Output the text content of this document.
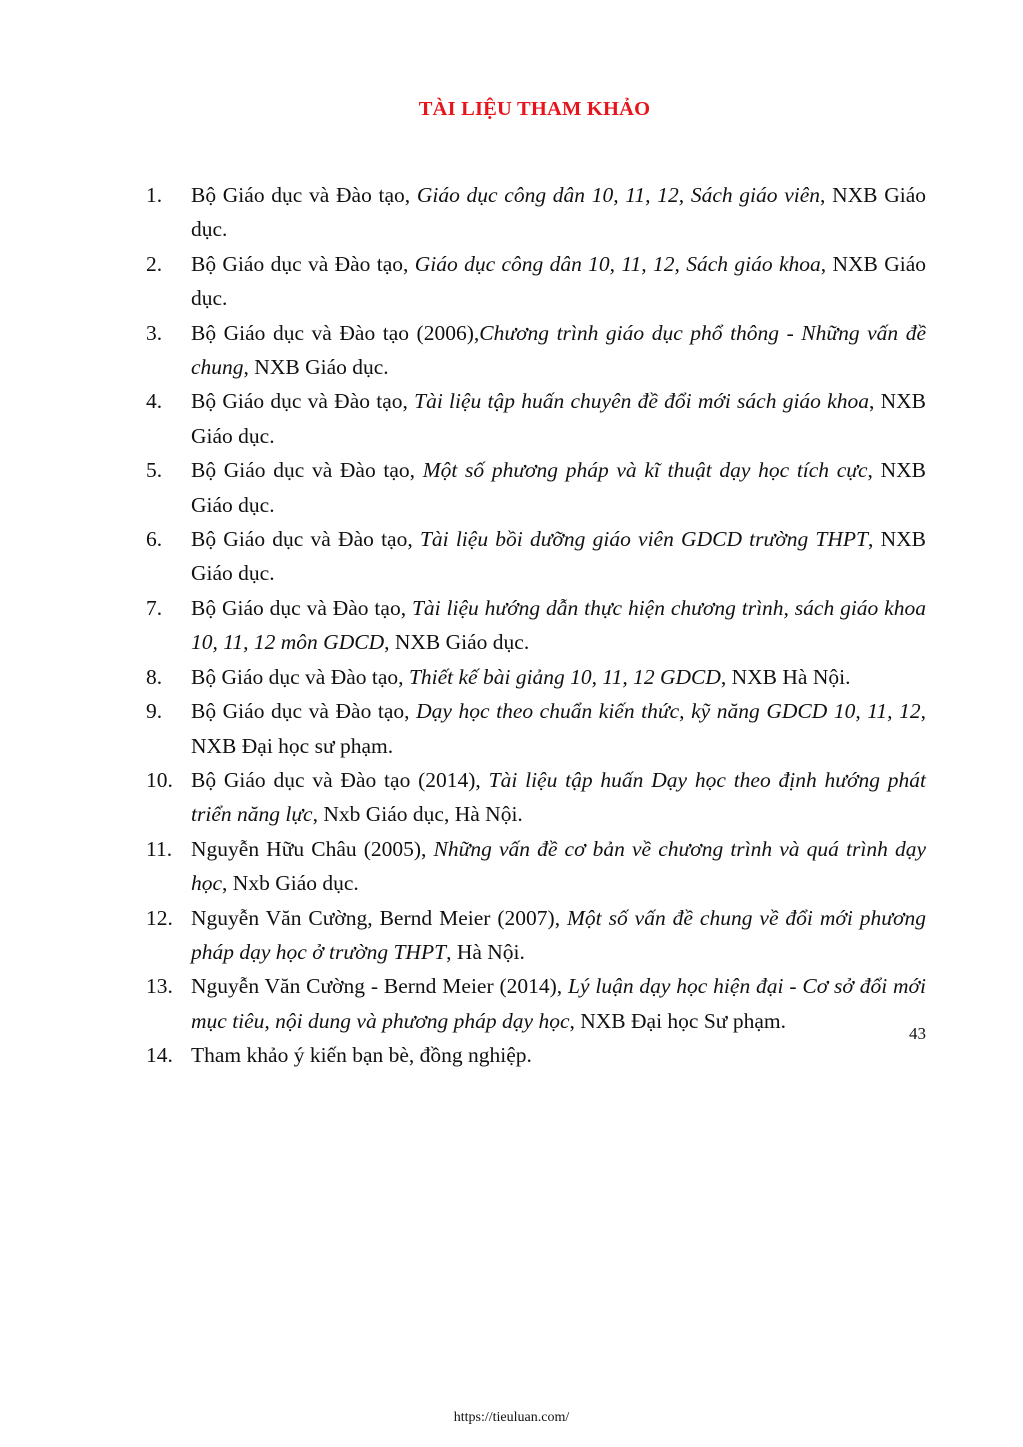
TÀI LIỆU THAM KHẢO
1. Bộ Giáo dục và Đào tạo, Giáo dục công dân 10, 11, 12, Sách giáo viên, NXB Giáo dục.
2. Bộ Giáo dục và Đào tạo, Giáo dục công dân 10, 11, 12, Sách giáo khoa, NXB Giáo dục.
3. Bộ Giáo dục và Đào tạo (2006),Chương trình giáo dục phổ thông - Những vấn đề chung, NXB Giáo dục.
4. Bộ Giáo dục và Đào tạo, Tài liệu tập huấn chuyên đề đổi mới sách giáo khoa, NXB Giáo dục.
5. Bộ Giáo dục và Đào tạo, Một số phương pháp và kĩ thuật dạy học tích cực, NXB Giáo dục.
6. Bộ Giáo dục và Đào tạo, Tài liệu bồi dưỡng giáo viên GDCD trường THPT, NXB Giáo dục.
7. Bộ Giáo dục và Đào tạo, Tài liệu hướng dẫn thực hiện chương trình, sách giáo khoa 10, 11, 12 môn GDCD, NXB Giáo dục.
8. Bộ Giáo dục và Đào tạo, Thiết kế bài giảng 10, 11, 12 GDCD, NXB Hà Nội.
9. Bộ Giáo dục và Đào tạo, Dạy học theo chuẩn kiến thức, kỹ năng GDCD 10, 11, 12, NXB Đại học sư phạm.
10. Bộ Giáo dục và Đào tạo (2014), Tài liệu tập huấn Dạy học theo định hướng phát triển năng lực, Nxb Giáo dục, Hà Nội.
11. Nguyễn Hữu Châu (2005), Những vấn đề cơ bản về chương trình và quá trình dạy học, Nxb Giáo dục.
12. Nguyễn Văn Cường, Bernd Meier (2007), Một số vấn đề chung về đổi mới phương pháp dạy học ở trường THPT, Hà Nội.
13. Nguyễn Văn Cường - Bernd Meier (2014), Lý luận dạy học hiện đại - Cơ sở đổi mới mục tiêu, nội dung và phương pháp dạy học, NXB Đại học Sư phạm.
14. Tham khảo ý kiến bạn bè, đồng nghiệp.
43
https://tieuluan.com/
